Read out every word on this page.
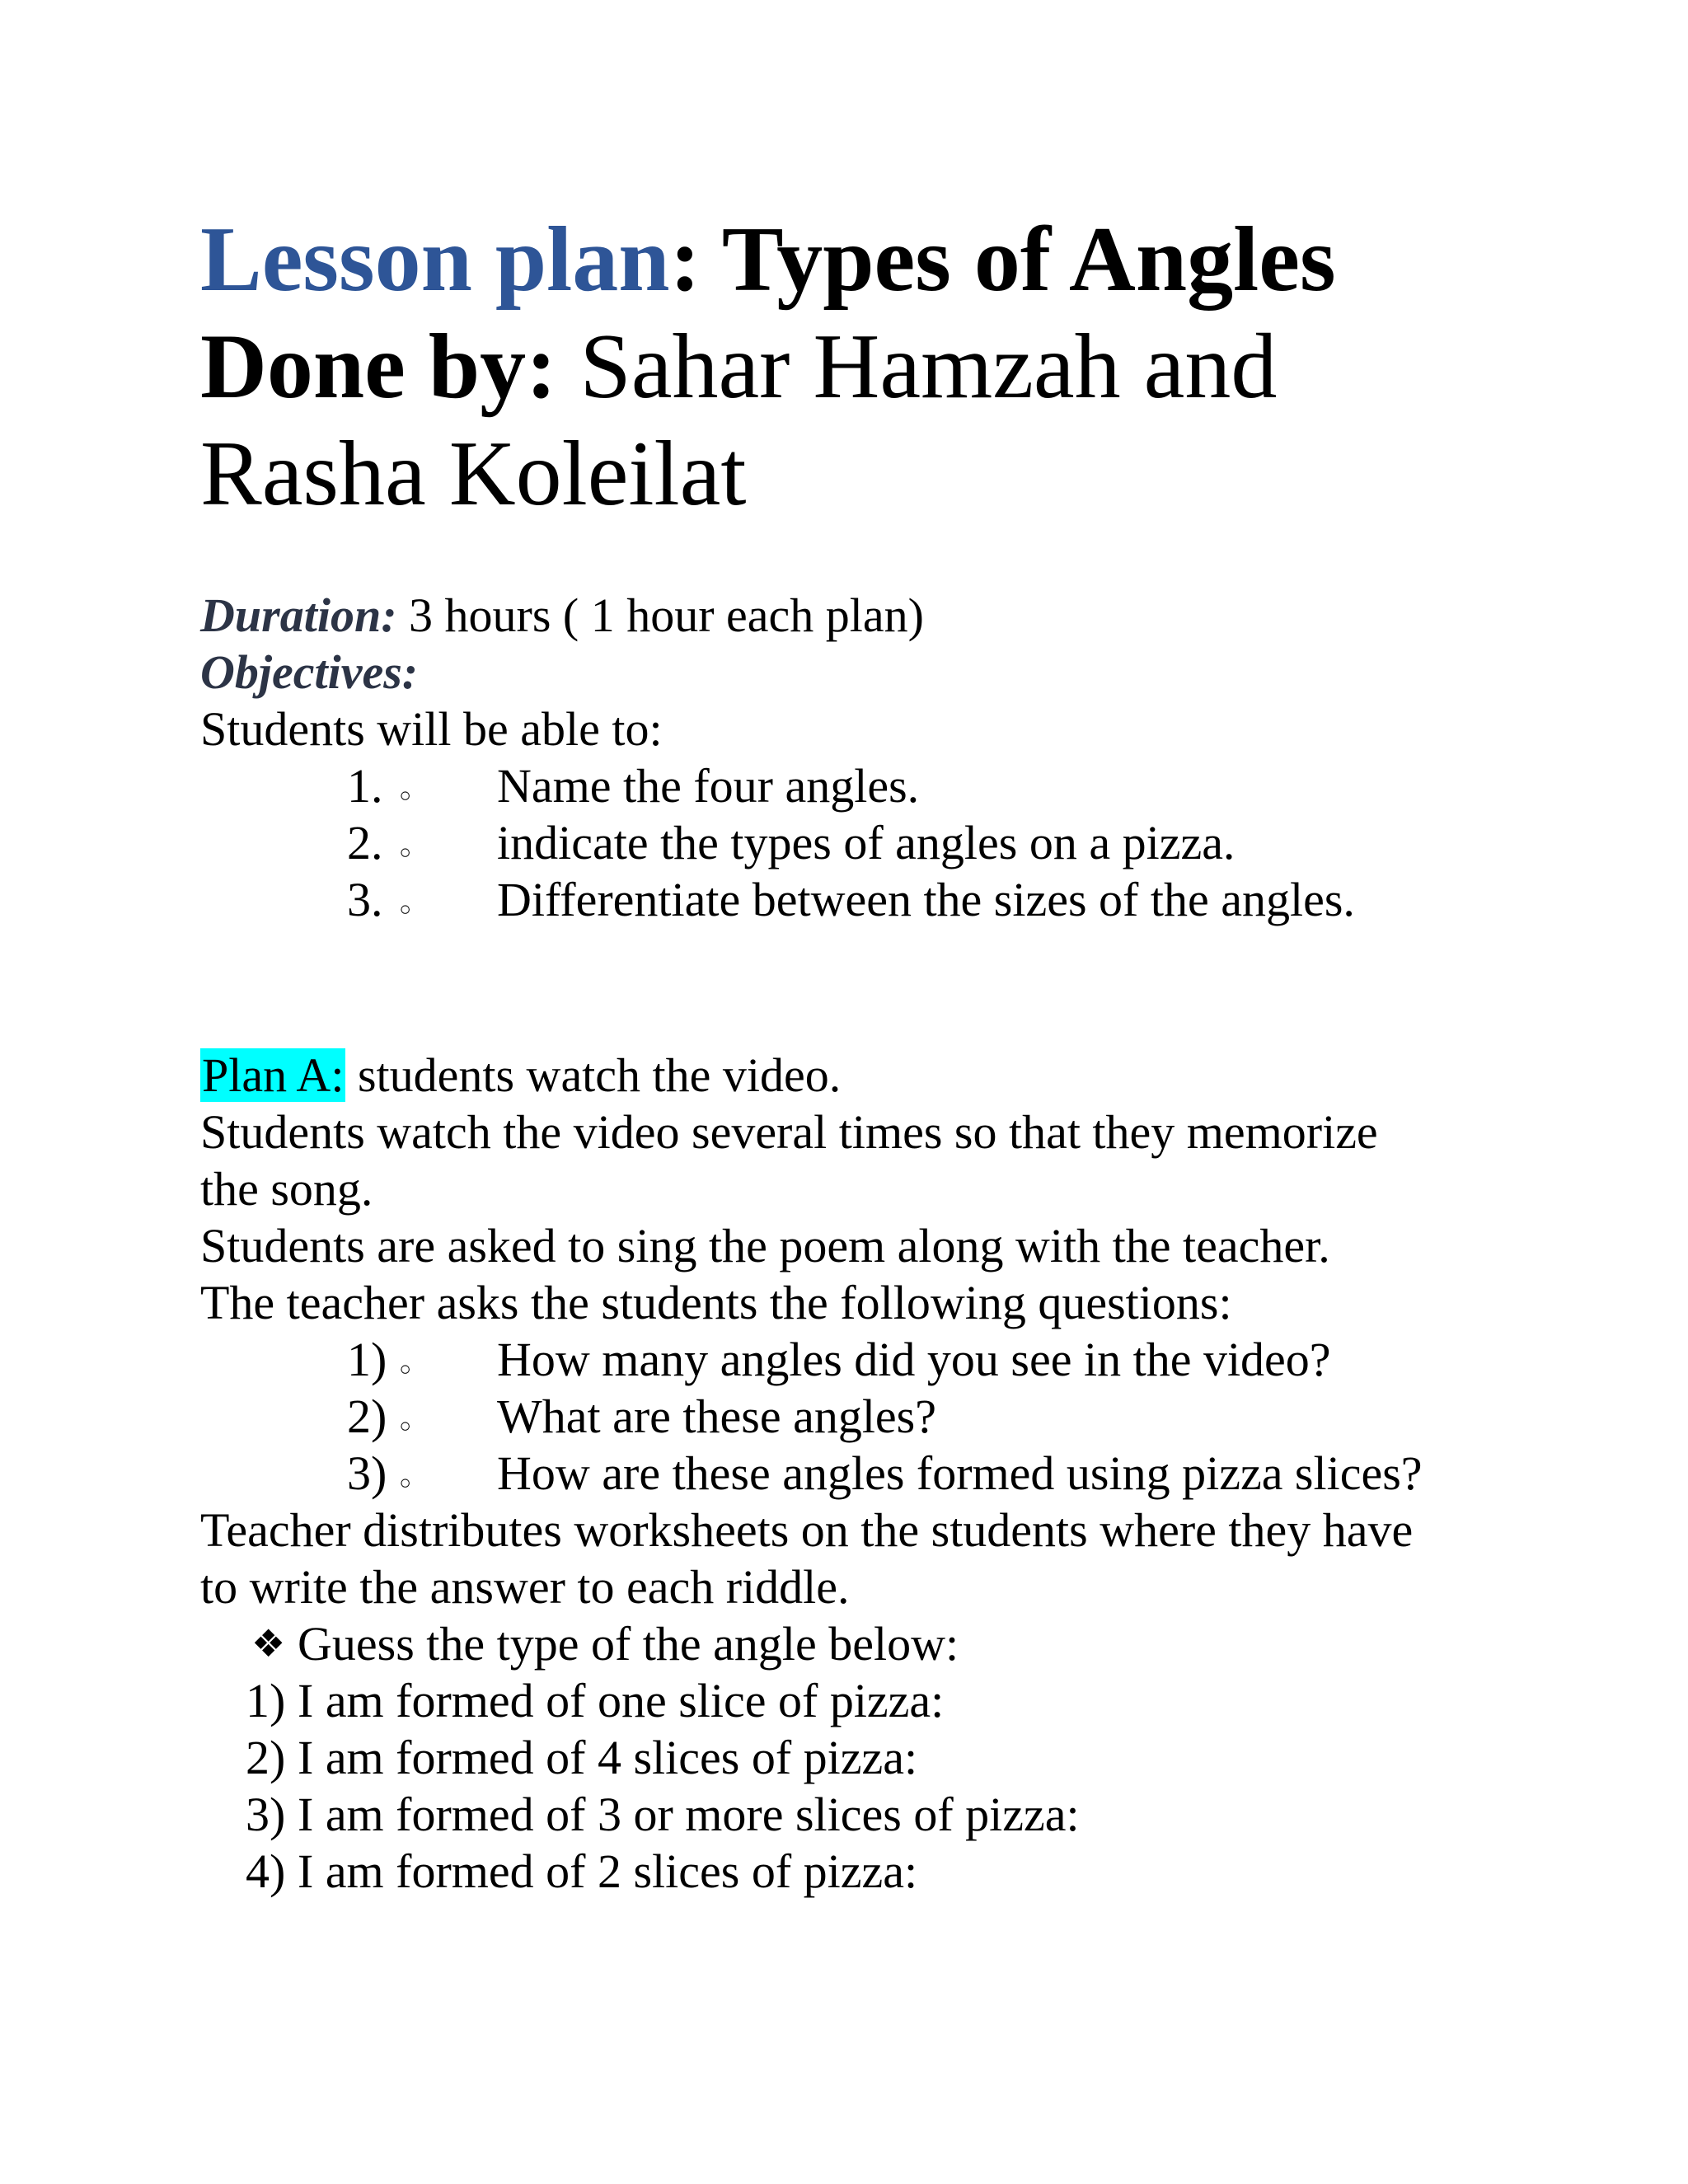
Lesson plan: Types of Angles
Done by: Sahar Hamzah and
Rasha Koleilat
Duration: 3 hours ( 1 hour each plan)
Objectives:
Students will be able to:
1. ◦ Name the four angles.
2. ◦ indicate the types of angles on a pizza.
3. ◦ Differentiate between the sizes of the angles.
Plan A: students watch the video.
Students watch the video several times so that they memorize
the song.
Students are asked to sing the poem along with the teacher.
The teacher asks the students the following questions:
1) ◦ How many angles did you see in the video?
2) ◦ What are these angles?
3) ◦ How are these angles formed using pizza slices?
Teacher distributes worksheets on the students where they have
to write the answer to each riddle.
❖ Guess the type of the angle below:
1) I am formed of one slice of pizza:
2) I am formed of 4 slices of pizza:
3) I am formed of 3 or more slices of pizza:
4) I am formed of 2 slices of pizza:
